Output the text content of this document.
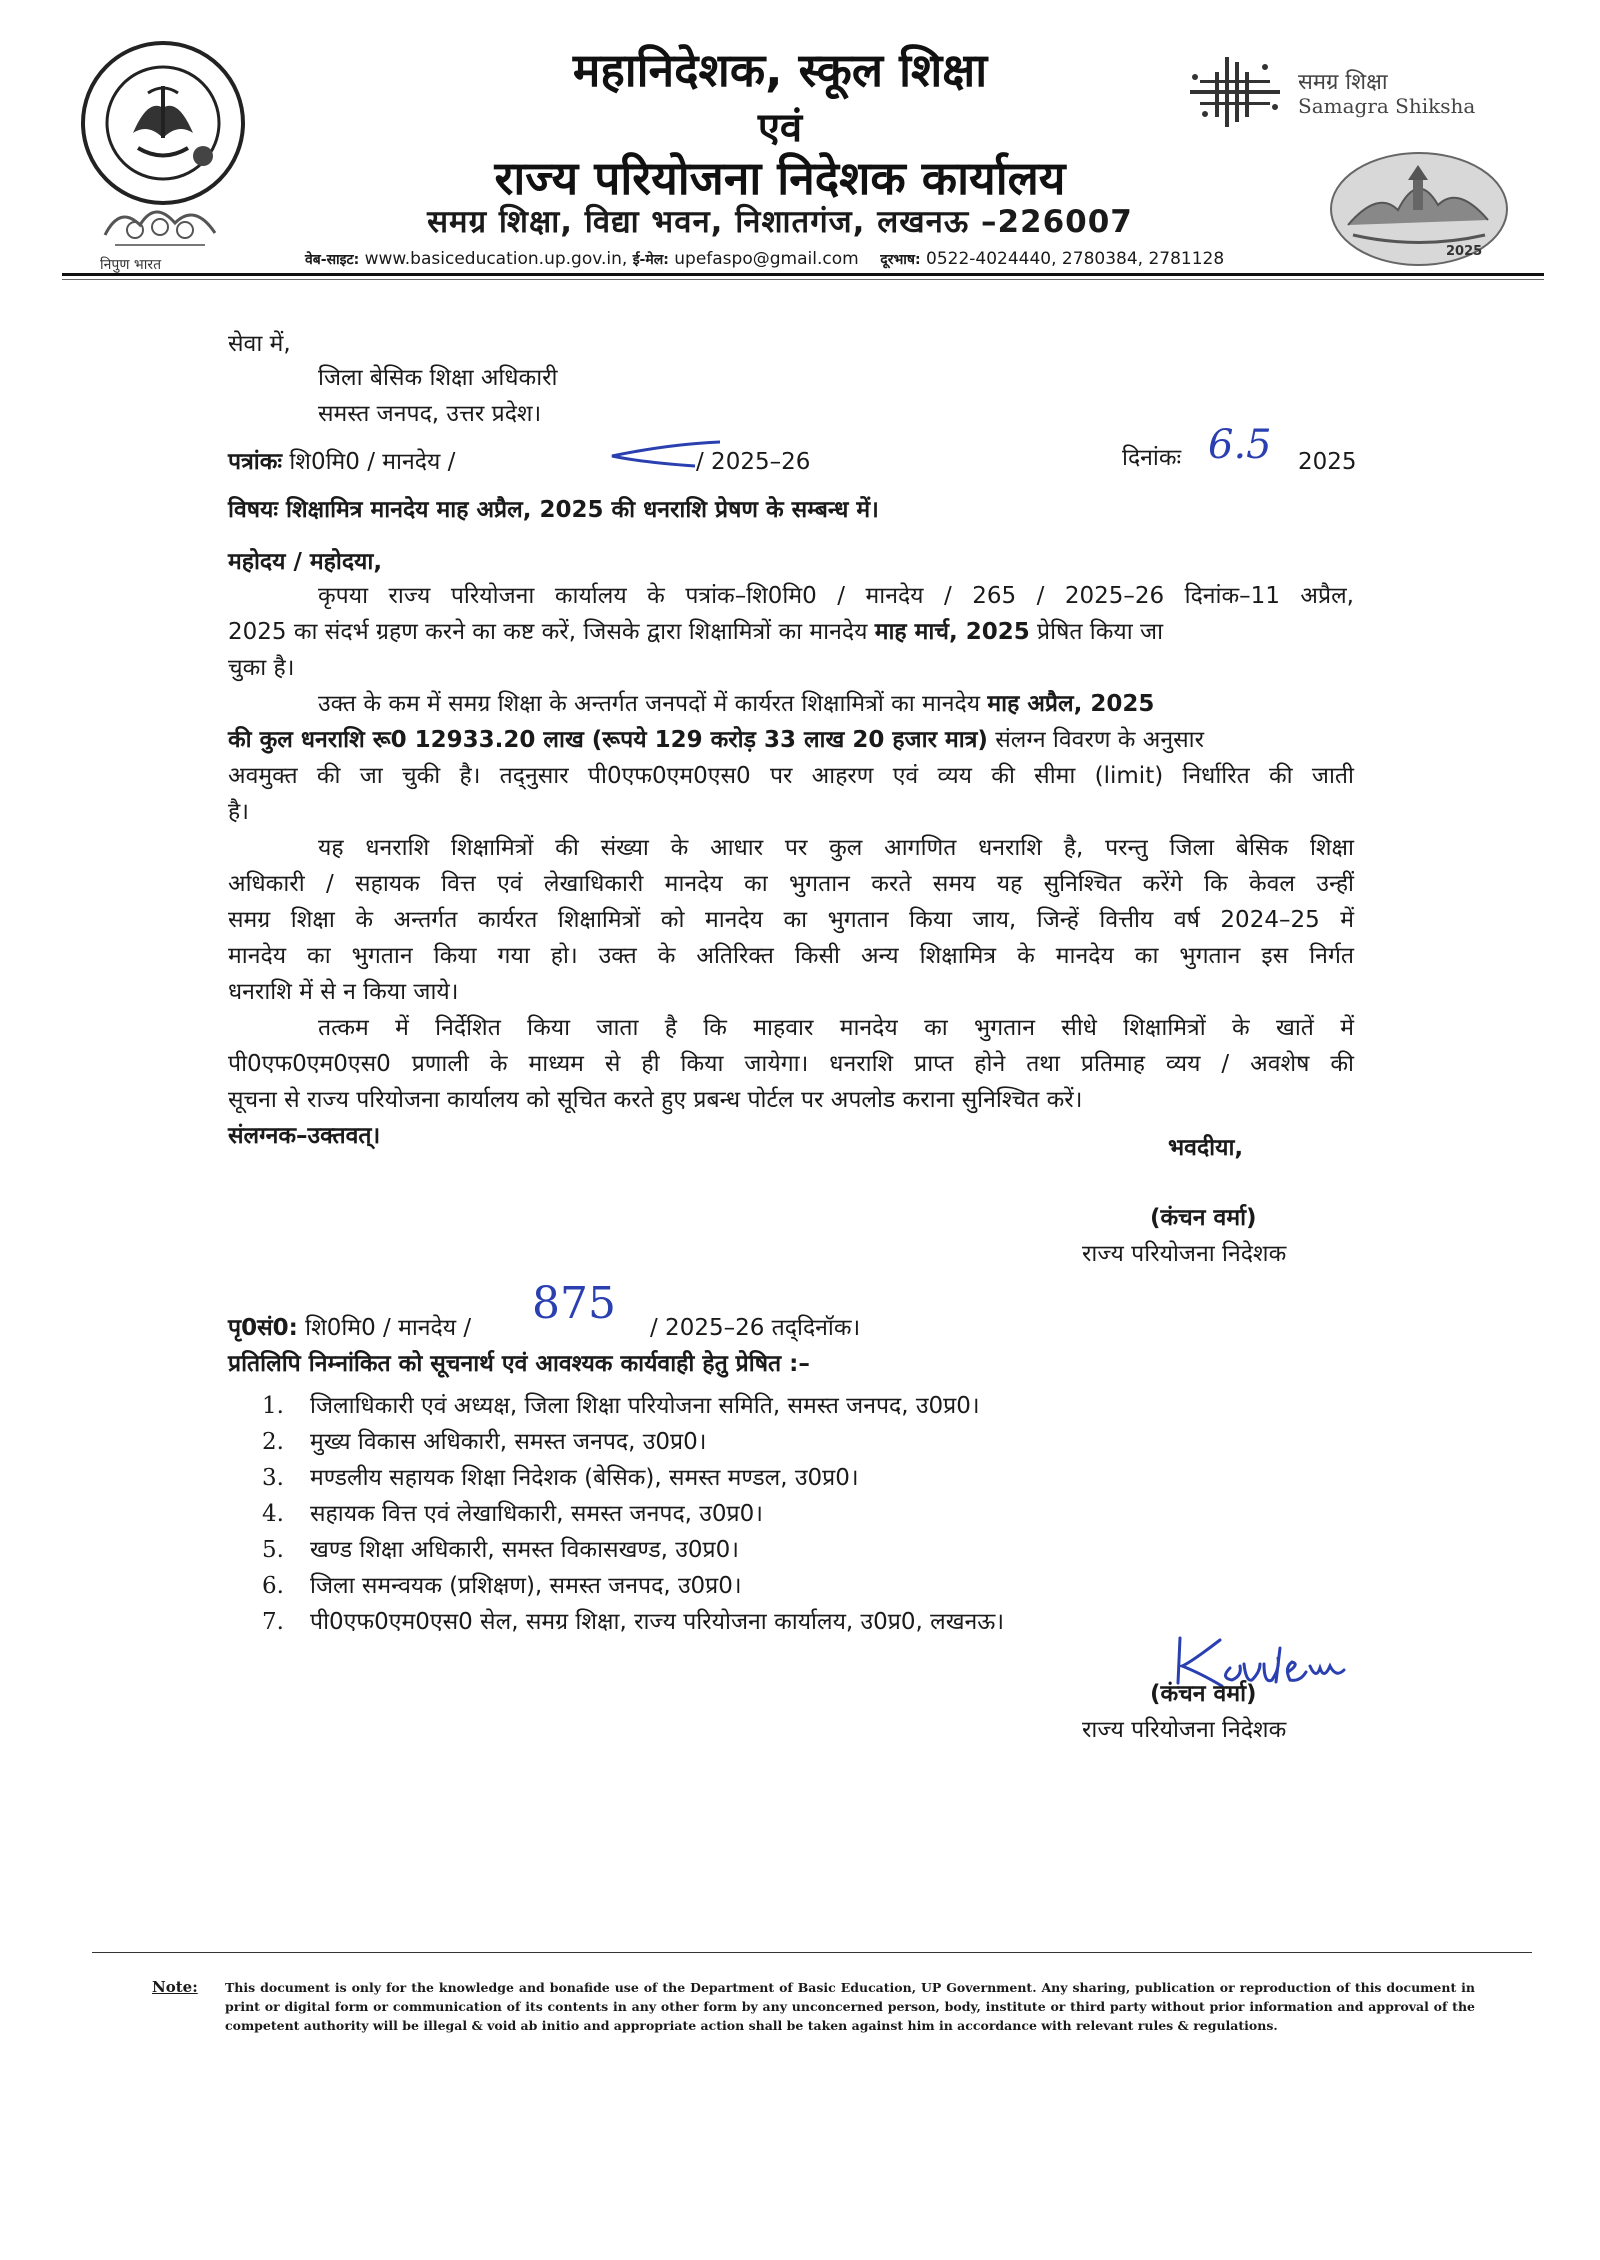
निपुण भारत
महानिदेशक, स्कूल शिक्षा
एवं
राज्य परियोजना निदेशक कार्यालय
समग्र शिक्षा, विद्या भवन, निशातगंज, लखनऊ –226007
वेब-साइट: www.basiceducation.up.gov.in, ई-मेल: upefaspo@gmail.com दूरभाष: 0522-4024440, 2780384, 2781128
समग्र शिक्षा
Samagra Shiksha
2025
सेवा में,
जिला बेसिक शिक्षा अधिकारी
समस्त जनपद, उत्तर प्रदेश।
पत्रांकः शि0मि0 / मानदेय /	/ 2025–26	दिनांकः 6.5 2025
विषयः शिक्षामित्र मानदेय माह अप्रैल, 2025 की धनराशि प्रेषण के सम्बन्ध में।
महोदय / महोदया,
कृपया राज्य परियोजना कार्यालय के पत्रांक–शि0मि0 / मानदेय / 265 / 2025–26 दिनांक–11 अप्रैल,
2025 का संदर्भ ग्रहण करने का कष्ट करें, जिसके द्वारा शिक्षामित्रों का मानदेय माह मार्च, 2025 प्रेषित किया जा
चुका है।
उक्त के कम में समग्र शिक्षा के अन्तर्गत जनपदों में कार्यरत शिक्षामित्रों का मानदेय माह अप्रैल, 2025
की कुल धनराशि रू0 12933.20 लाख (रूपये 129 करोड़ 33 लाख 20 हजार मात्र) संलग्न विवरण के अनुसार
अवमुक्त की जा चुकी है। तद्नुसार पी0एफ0एम0एस0 पर आहरण एवं व्यय की सीमा (limit) निर्धारित की जाती
है।
यह धनराशि शिक्षामित्रों की संख्या के आधार पर कुल आगणित धनराशि है, परन्तु जिला बेसिक शिक्षा
अधिकारी / सहायक वित्त एवं लेखाधिकारी मानदेय का भुगतान करते समय यह सुनिश्चित करेंगे कि केवल उन्हीं
समग्र शिक्षा के अन्तर्गत कार्यरत शिक्षामित्रों को मानदेय का भुगतान किया जाय, जिन्हें वित्तीय वर्ष 2024–25 में
मानदेय का भुगतान किया गया हो। उक्त के अतिरिक्त किसी अन्य शिक्षामित्र के मानदेय का भुगतान इस निर्गत
धनराशि में से न किया जाये।
तत्कम में निर्देशित किया जाता है कि माहवार मानदेय का भुगतान सीधे शिक्षामित्रों के खातें में
पी0एफ0एम0एस0 प्रणाली के माध्यम से ही किया जायेगा। धनराशि प्राप्त होने तथा प्रतिमाह व्यय / अवशेष की
सूचना से राज्य परियोजना कार्यालय को सूचित करते हुए प्रबन्ध पोर्टल पर अपलोड कराना सुनिश्चित करें।
संलग्नक–उक्तवत्।	भवदीया,
(कंचन वर्मा)
राज्य परियोजना निदेशक
पृ0सं0: शि0मि0 / मानदेय / 875 / 2025–26 तद्‌दिनॉक।
प्रतिलिपि निम्नांकित को सूचनार्थ एवं आवश्यक कार्यवाही हेतु प्रेषित :–
1. जिलाधिकारी एवं अध्यक्ष, जिला शिक्षा परियोजना समिति, समस्त जनपद, उ0प्र0।
2. मुख्य विकास अधिकारी, समस्त जनपद, उ0प्र0।
3. मण्डलीय सहायक शिक्षा निदेशक (बेसिक), समस्त मण्डल, उ0प्र0।
4. सहायक वित्त एवं लेखाधिकारी, समस्त जनपद, उ0प्र0।
5. खण्ड शिक्षा अधिकारी, समस्त विकासखण्ड, उ0प्र0।
6. जिला समन्वयक (प्रशिक्षण), समस्त जनपद, उ0प्र0।
7. पी0एफ0एम0एस0 सेल, समग्र शिक्षा, राज्य परियोजना कार्यालय, उ0प्र0, लखनऊ।
(कंचन वर्मा)
राज्य परियोजना निदेशक
Note: This document is only for the knowledge and bonafide use of the Department of Basic Education, UP Government. Any sharing, publication or reproduction of this document in print or digital form or communication of its contents in any other form by any unconcerned person, body, institute or third party without prior information and approval of the competent authority will be illegal & void ab initio and appropriate action shall be taken against him in accordance with relevant rules & regulations.
